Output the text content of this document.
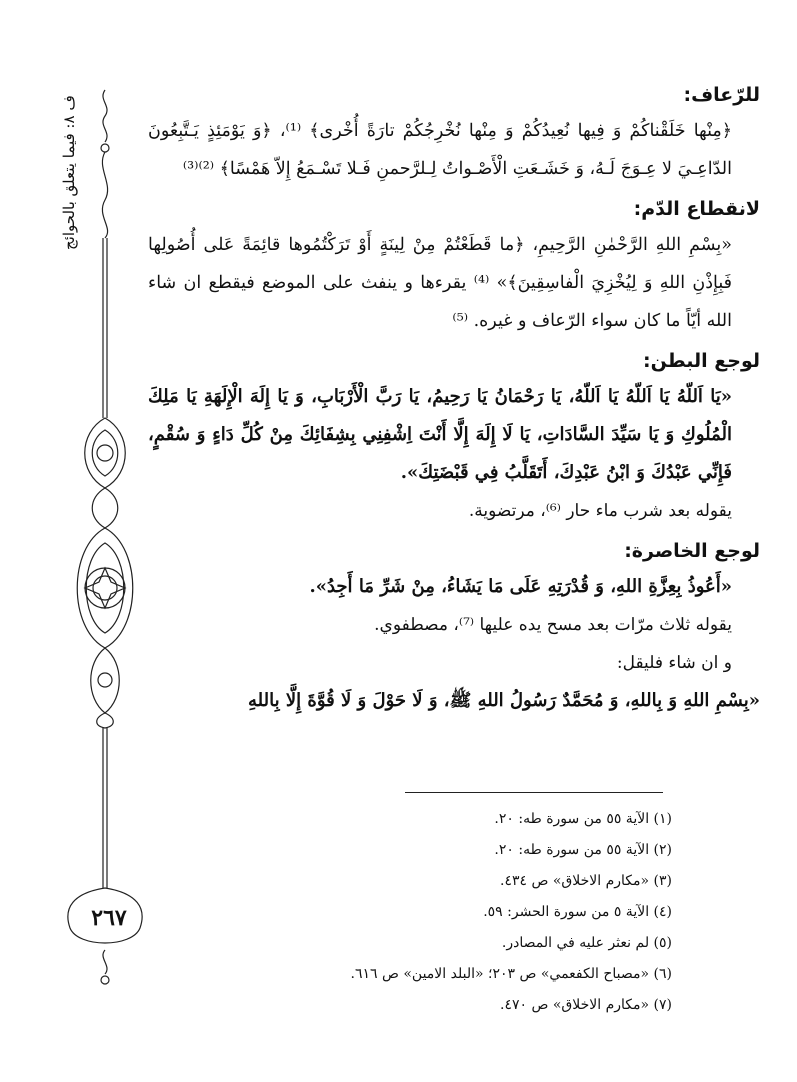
ف ٨: فيما يتعلق بالحوائج
٢٦٧
للرّعاف:

﴿مِنْها خَلَقْناكُمْ وَ فِيها نُعِيدُكُمْ وَ مِنْها نُخْرِجُكُمْ تارَةً أُخْرى﴾ ⁽¹⁾، ﴿وَ يَوْمَئِذٍ يَـتَّبِعُونَ الدّاعِـيَ لا عِـوَجَ لَـهُ، وَ خَشَـعَتِ الْأَصْـواتُ لِـلرَّحمنِ فَـلا تَسْـمَعُ إِلاّ هَمْسًا﴾ ⁽²⁾⁽³⁾

لانقطاع الدّم:

«بِسْمِ اللهِ الرَّحْمٰنِ الرَّحِيمِ، ﴿ما قَطَعْتُمْ مِنْ لِينَةٍ أَوْ تَرَكْتُمُوها قائِمَةً عَلى أُصُولِها فَبِإِذْنِ اللهِ وَ لِيُخْزِيَ الْفاسِقِينَ﴾» ⁽⁴⁾ يقرءها و ينفث على الموضع فيقطع ان شاء الله أيّاً ما كان سواء الرّعاف و غيره. ⁽⁵⁾

لوجع البطن:

«يَا اَللّهُ يَا اَللّهُ يَا اَللّهُ، يَا رَحْمَانُ يَا رَحِيمُ، يَا رَبَّ الْأَرْبَابِ، وَ يَا إِلَهَ الْإِلَهَةِ يَا مَلِكَ الْمُلُوكِ وَ يَا سَيِّدَ السَّادَاتِ، يَا لَا إِلَهَ إِلَّا أَنْتَ اِشْفِنِي بِشِفَائِكَ مِنْ كُلِّ دَاءٍ وَ سُقْمٍ، فَإِنِّي عَبْدُكَ وَ ابْنُ عَبْدِكَ، أَتَقَلَّبُ فِي قَبْضَتِكَ».

يقوله بعد شرب ماء حار ⁽⁶⁾، مرتضوية.

لوجع الخاصرة:

«أَعُوذُ بِعِزَّةِ اللهِ، وَ قُدْرَتِهِ عَلَى مَا يَشَاءُ، مِنْ شَرِّ مَا أَجِدُ».

يقوله ثلاث مرّات بعد مسح يده عليها ⁽⁷⁾، مصطفوي.

و ان شاء فليقل:

«بِسْمِ اللهِ وَ بِاللهِ، وَ مُحَمَّدٌ رَسُولُ اللهِ ﷺ، وَ لَا حَوْلَ وَ لَا قُوَّةَ إِلَّا بِاللهِ

(١) الآية ٥٥ من سورة طه: ٢٠.
(٢) الآية ٥٥ من سورة طه: ٢٠.
(٣) «مكارم الاخلاق» ص ٤٣٤.
(٤) الآية ٥ من سورة الحشر: ٥٩.
(٥) لم نعثر عليه في المصادر.
(٦) «مصباح الكفعمي» ص ٢٠٣؛ «البلد الامين» ص ٦١٦.
(٧) «مكارم الاخلاق» ص ٤٧٠.
